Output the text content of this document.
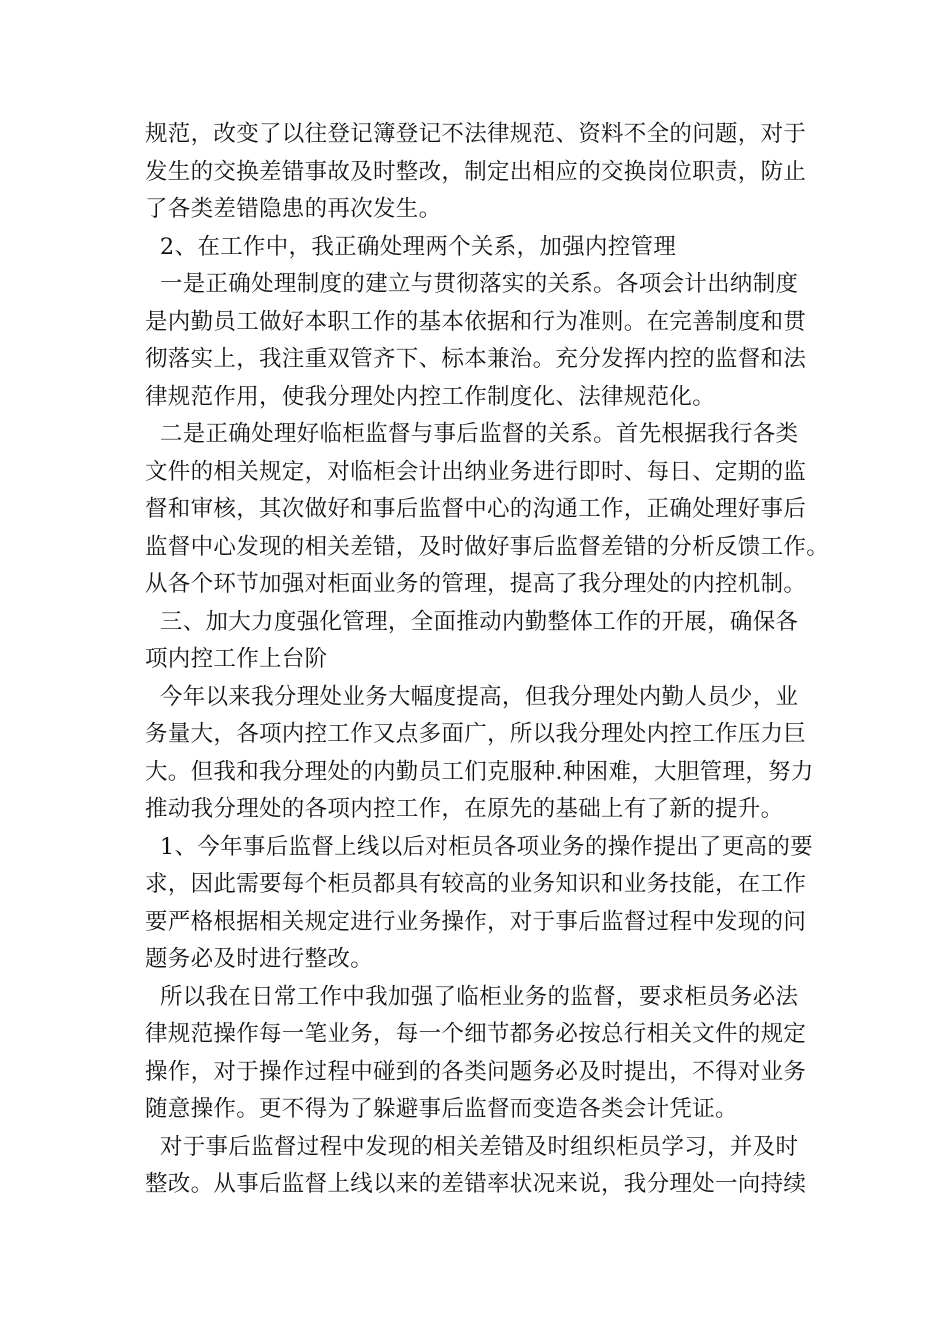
规范，改变了以往登记簿登记不法律规范、资料不全的问题，对于
发生的交换差错事故及时整改，制定出相应的交换岗位职责，防止
了各类差错隐患的再次发生。
2、在工作中，我正确处理两个关系，加强内控管理
一是正确处理制度的建立与贯彻落实的关系。各项会计出纳制度
是内勤员工做好本职工作的基本依据和行为准则。在完善制度和贯
彻落实上，我注重双管齐下、标本兼治。充分发挥内控的监督和法
律规范作用，使我分理处内控工作制度化、法律规范化。
二是正确处理好临柜监督与事后监督的关系。首先根据我行各类
文件的相关规定，对临柜会计出纳业务进行即时、每日、定期的监
督和审核，其次做好和事后监督中心的沟通工作，正确处理好事后
监督中心发现的相关差错，及时做好事后监督差错的分析反馈工作。
从各个环节加强对柜面业务的管理，提高了我分理处的内控机制。
三、加大力度强化管理，全面推动内勤整体工作的开展，确保各
项内控工作上台阶
今年以来我分理处业务大幅度提高，但我分理处内勤人员少，业
务量大，各项内控工作又点多面广，所以我分理处内控工作压力巨
大。但我和我分理处的内勤员工们克服种.种困难，大胆管理，努力
推动我分理处的各项内控工作，在原先的基础上有了新的提升。
1、今年事后监督上线以后对柜员各项业务的操作提出了更高的要
求，因此需要每个柜员都具有较高的业务知识和业务技能，在工作
要严格根据相关规定进行业务操作，对于事后监督过程中发现的问
题务必及时进行整改。
所以我在日常工作中我加强了临柜业务的监督，要求柜员务必法
律规范操作每一笔业务，每一个细节都务必按总行相关文件的规定
操作，对于操作过程中碰到的各类问题务必及时提出，不得对业务
随意操作。更不得为了躲避事后监督而变造各类会计凭证。
对于事后监督过程中发现的相关差错及时组织柜员学习，并及时
整改。从事后监督上线以来的差错率状况来说，我分理处一向持续
